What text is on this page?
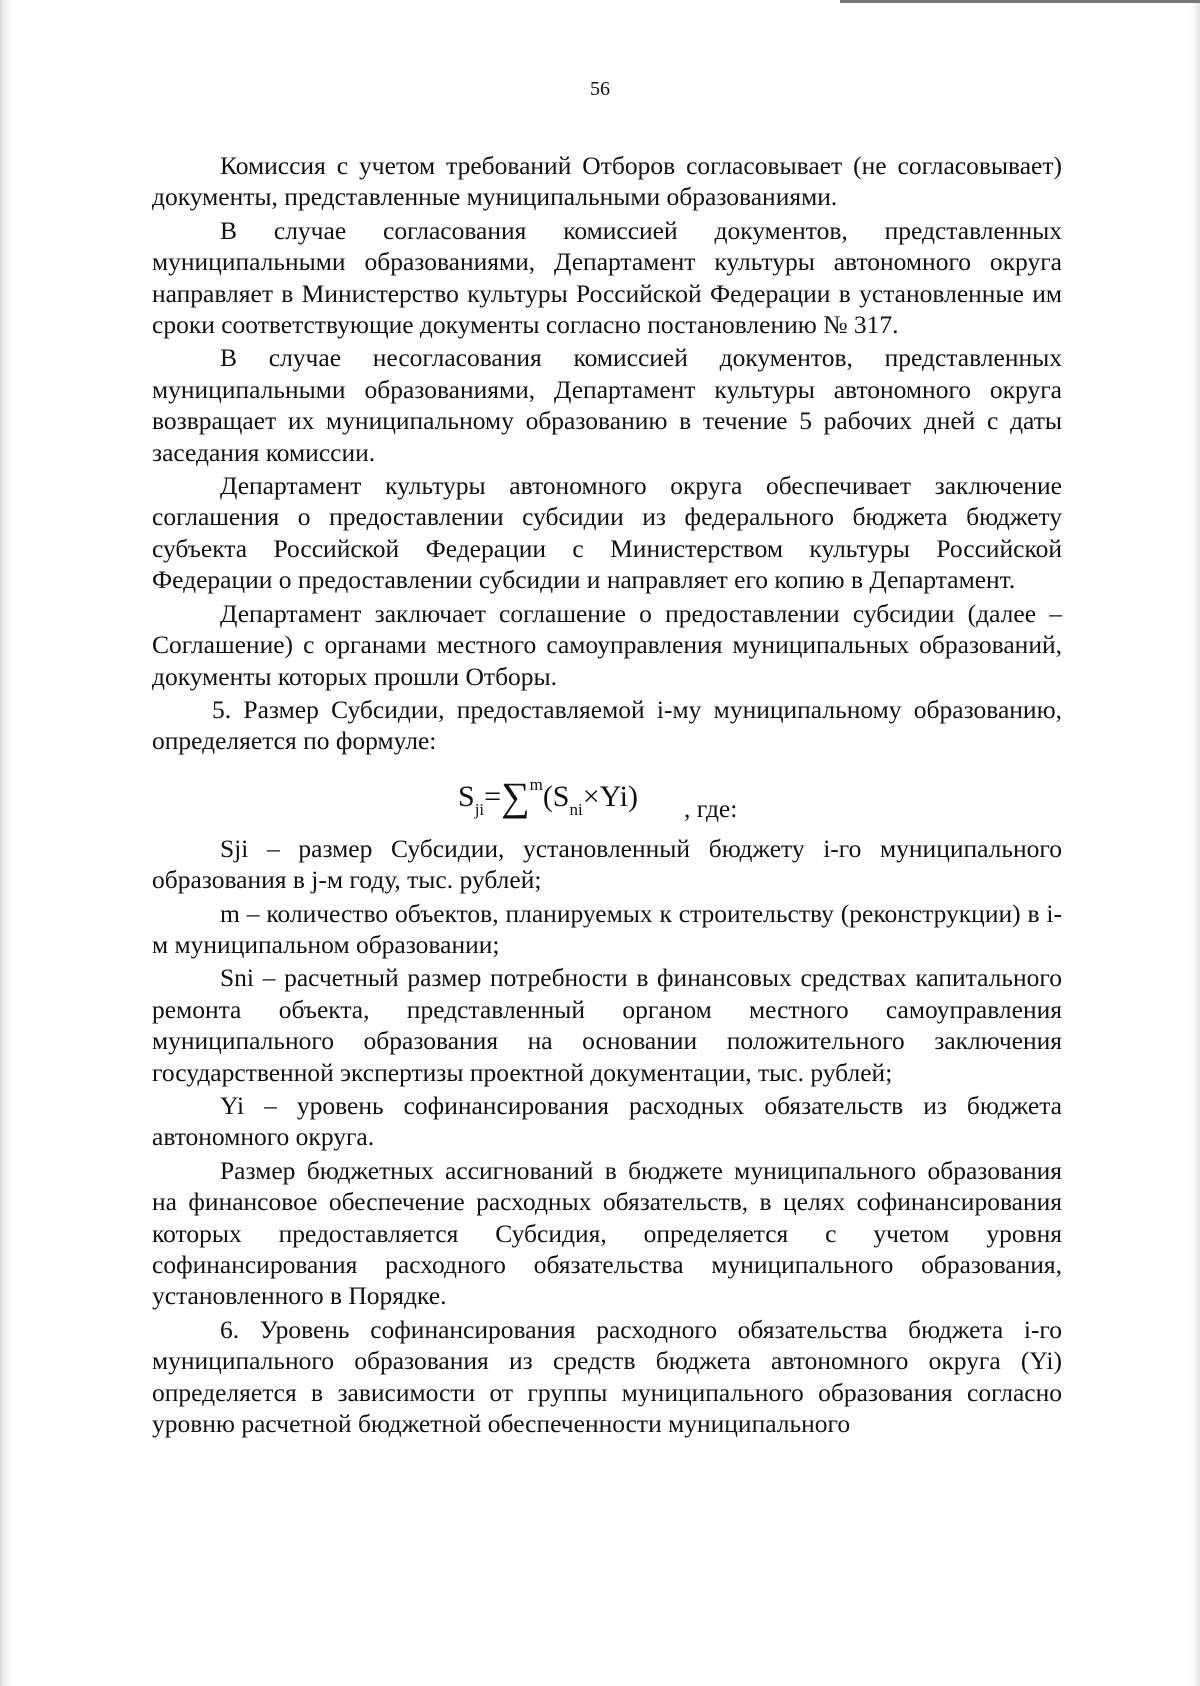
56

Комиссия с учетом требований Отборов согласовывает (не согласовывает) документы, представленные муниципальными образованиями.

В случае согласования комиссией документов, представленных муниципальными образованиями, Департамент культуры автономного округа направляет в Министерство культуры Российской Федерации в установленные им сроки соответствующие документы согласно постановлению № 317.

В случае несогласования комиссией документов, представленных муниципальными образованиями, Департамент культуры автономного округа возвращает их муниципальному образованию в течение 5 рабочих дней с даты заседания комиссии.

Департамент культуры автономного округа обеспечивает заключение соглашения о предоставлении субсидии из федерального бюджета бюджету субъекта Российской Федерации с Министерством культуры Российской Федерации о предоставлении субсидии и направляет его копию в Департамент.

Департамент заключает соглашение о предоставлении субсидии (далее – Соглашение) с органами местного самоуправления муниципальных образований, документы которых прошли Отборы.

5. Размер Субсидии, предоставляемой i-му муниципальному образованию, определяется по формуле:

$S_{ji}=\sum^m(S_{ni}\times Yi)$ , где:

Sji – размер Субсидии, установленный бюджету i-го муниципального образования в j-м году, тыс. рублей;

m – количество объектов, планируемых к строительству (реконструкции) в i-м муниципальном образовании;

Sni – расчетный размер потребности в финансовых средствах капитального ремонта объекта, представленный органом местного самоуправления муниципального образования на основании положительного заключения государственной экспертизы проектной документации, тыс. рублей;

Yi – уровень софинансирования расходных обязательств из бюджета автономного округа.

Размер бюджетных ассигнований в бюджете муниципального образования на финансовое обеспечение расходных обязательств, в целях софинансирования которых предоставляется Субсидия, определяется с учетом уровня софинансирования расходного обязательства муниципального образования, установленного в Порядке.

6. Уровень софинансирования расходного обязательства бюджета i-го муниципального образования из средств бюджета автономного округа (Yi) определяется в зависимости от группы муниципального образования согласно уровню расчетной бюджетной обеспеченности муниципального
